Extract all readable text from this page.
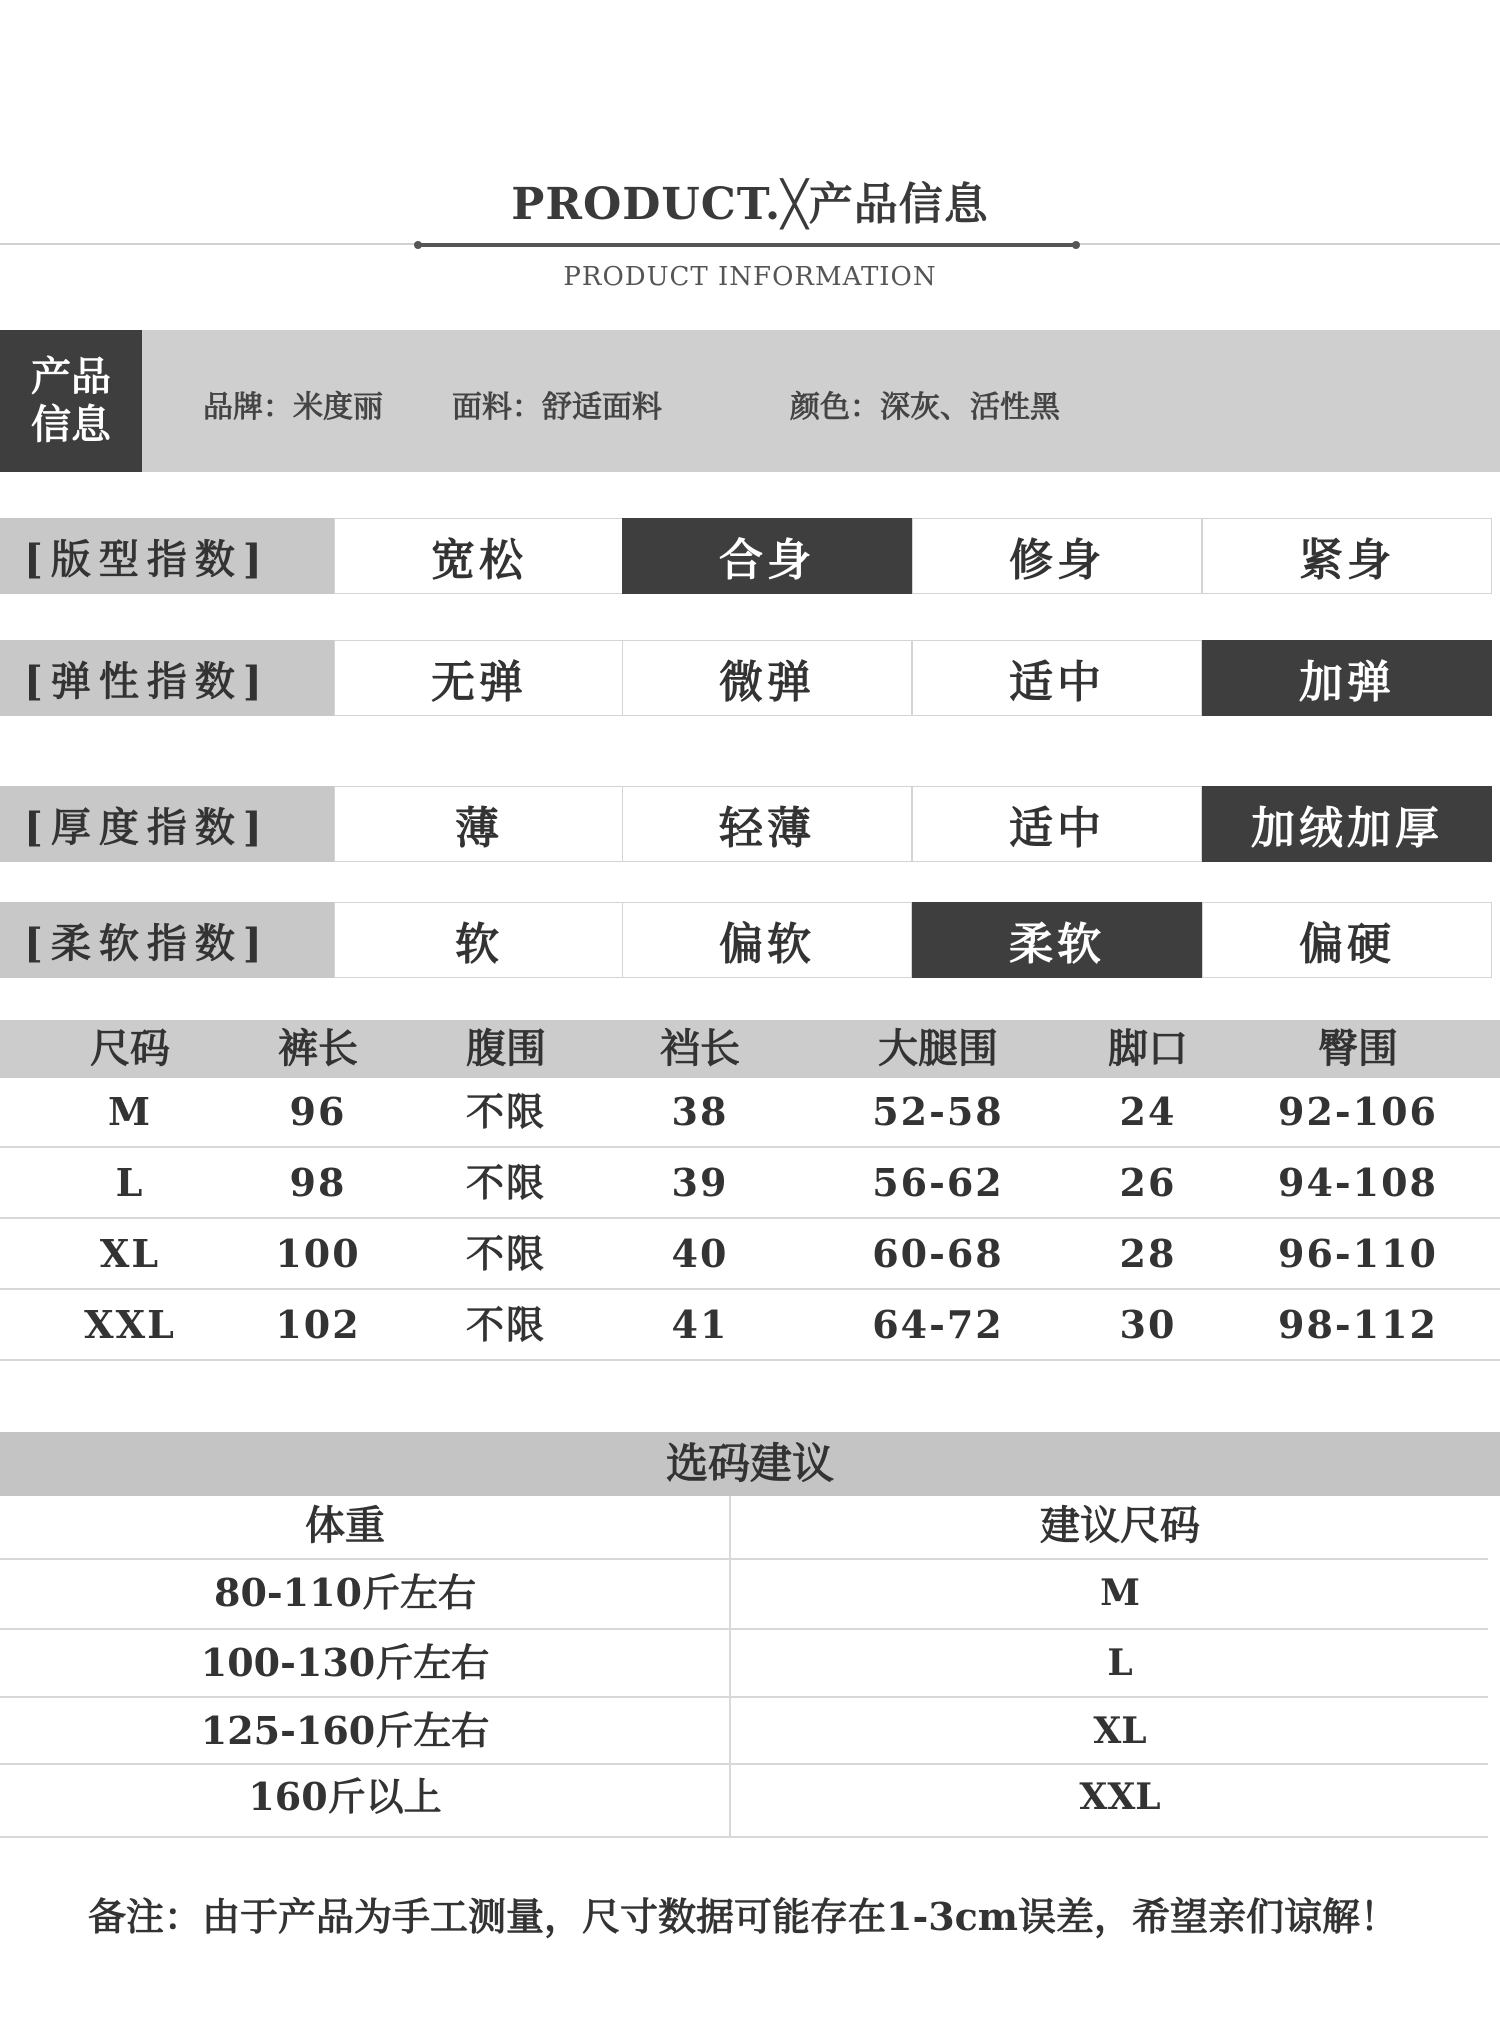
PRODUCT.╳产品信息
PRODUCT INFORMATION
产品信息	品牌：米度丽 面料：舒适面料	颜色：深灰、活性黑
[版型指数]	宽松	合身	修身	紧身
[弹性指数]	无弹	微弹	适中	加弹
[厚度指数]	薄	轻薄	适中	加绒加厚
[柔软指数]	软	偏软	柔软	偏硬
尺码	裤长	腹围	裆长	大腿围	脚口	臀围
M	96	不限	38	52-58	24	92-106
L	98	不限	39	56-62	26	94-108
XL	100	不限	40	60-68	28	96-110
XXL	102	不限	41	64-72	30	98-112
选码建议
体重	建议尺码
80-110斤左右	M
100-130斤左右	L
125-160斤左右	XL
160斤以上	XXL
备注：由于产品为手工测量，尺寸数据可能存在1-3cm误差，希望亲们谅解！
